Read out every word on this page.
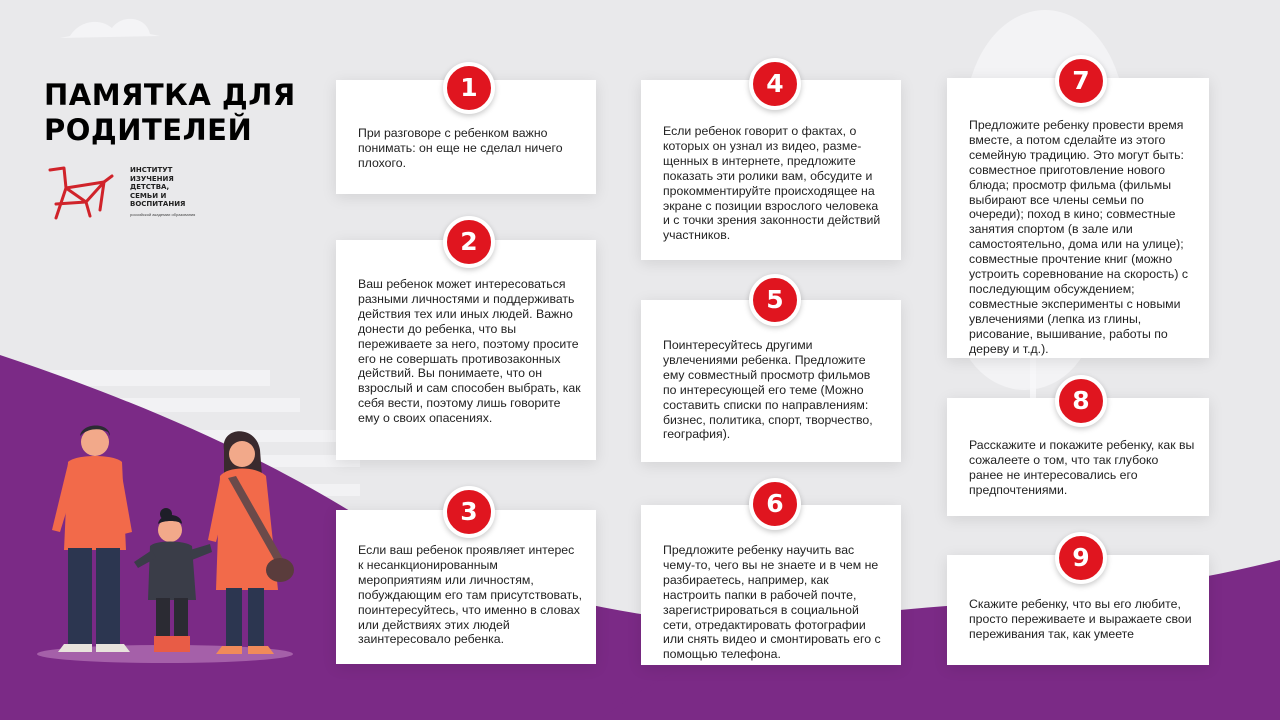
ПАМЯТКА ДЛЯ РОДИТЕЛЕЙ
ИНСТИТУТ
ИЗУЧЕНИЯ
ДЕТСТВА,
СЕМЬИ И
ВОСПИТАНИЯ
российской академии образования
При разговоре с ребенком важно понимать: он еще не сделал ничего плохого.
1
Ваш ребенок может интересоваться разными личностями и поддерживать действия тех или иных людей. Важно донести до ребенка, что вы переживаете за него, поэтому просите его не совершать противозаконных действий. Вы понимаете, что он взрослый и сам способен выбрать, как себя вести, поэтому лишь говорите ему о своих опасениях.
2
Если ваш ребенок проявляет интерес к несанкционированным мероприятиям или личностям, побуждающим его там присутствовать, поинтересуйтесь, что именно в словах или действиях этих людей заинтересовало ребенка.
3
Если ребенок говорит о фактах, о которых он узнал из видео, размещенных в интернете, предложите показать эти ролики вам, обсудите и прокомментируйте происходящее на экране с позиции взрослого человека и с точки зрения законности действий участников.
4
Поинтересуйтесь другими увлечениями ребенка. Предложите ему совместный просмотр фильмов по интересующей его теме (Можно составить списки по направлениям: бизнес, политика, спорт, творчество, география).
5
Предложите ребенку научить вас чему-то, чего вы не знаете и в чем не разбираетесь, например, как настроить папки в рабочей почте, зарегистрироваться в социальной сети, отредактировать фотографии или снять видео и смонтировать его с помощью телефона.
6
Предложите ребенку провести время вместе, а потом сделайте из этого семейную традицию. Это могут быть: совместное приготовление нового блюда; просмотр фильма (фильмы выбирают все члены семьи по очереди); поход в кино; совместные занятия спортом (в зале или самостоятельно, дома или на улице); совместные прочтение книг (можно устроить соревнование на скорость) с последующим обсуждением; совместные эксперименты с новыми увлечениями (лепка из глины, рисование, вышивание, работы по дереву и т.д.).
7
Расскажите и покажите ребенку, как вы сожалеете о том, что так глубоко ранее не интересовались его предпочтениями.
8
Скажите ребенку, что вы его любите, просто переживаете и выражаете свои переживания так, как умеете
9
